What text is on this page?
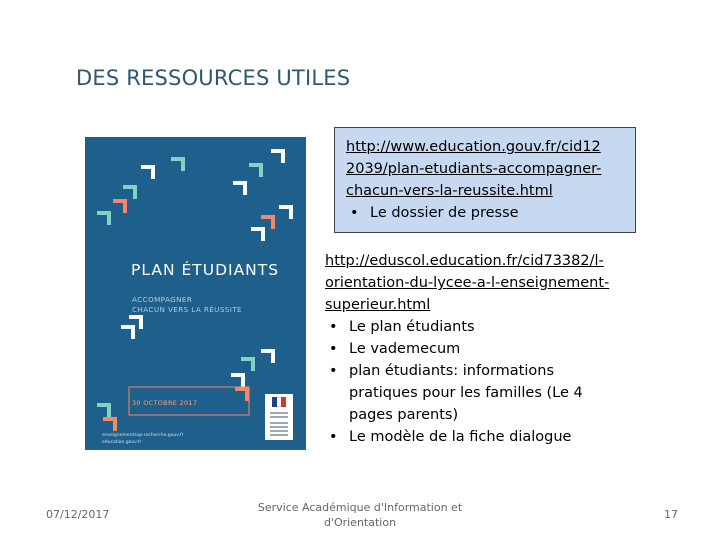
DES RESSOURCES UTILES
PLAN ÉTUDIANTS
ACCOMPAGNER
CHACUN VERS LA RÉUSSITE
30 OCTOBRE 2017
enseignementsup-recherche.gouv.fr
education.gouv.fr
http://www.education.gouv.fr/cid12
2039/plan-etudiants-accompagner-
chacun-vers-la-reussite.html
• Le dossier de presse
http://eduscol.education.fr/cid73382/l-
orientation-du-lycee-a-l-enseignement-
superieur.html
• Le plan étudiants
• Le vademecum
• plan étudiants: informations pratiques pour les familles (Le 4 pages parents)
• Le modèle de la fiche dialogue
07/12/2017
Service Académique d'Information et
d'Orientation
17
